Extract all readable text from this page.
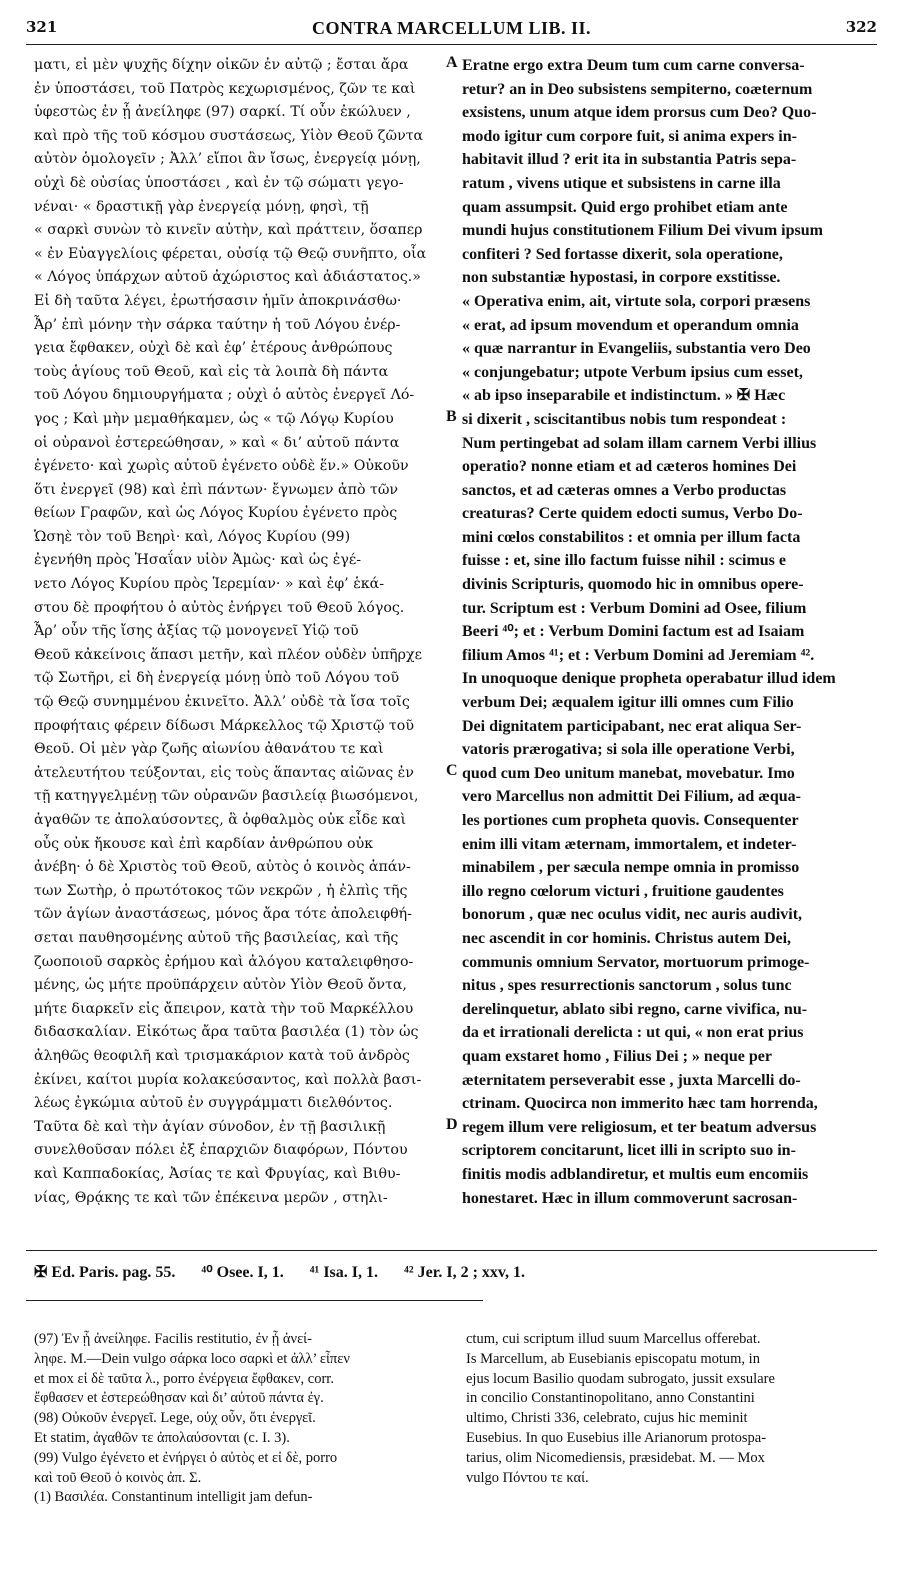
321	CONTRA MARCELLUM LIB. II.	322
ματι, εἰ μὲν ψυχῆς δίχην οἰκῶν ἐν αὐτῷ ; ἔσται ἄρα
ἐν ὑποστάσει, τοῦ Πατρὸς κεχωρισμένος, ζῶν τε καὶ
ὑφεστὼς ἐν ᾗ ἀνείληφε (97) σαρκί. Τί οὖν ἐκώλυεν ,
καὶ πρὸ τῆς τοῦ κόσμου συστάσεως, Υἱὸν Θεοῦ ζῶντα
αὐτὸν ὁμολογεῖν ; Ἀλλ’ εἴποι ἂν ἴσως, ἐνεργείᾳ μόνῃ,
οὐχὶ δὲ οὐσίας ὑποστάσει , καὶ ἐν τῷ σώματι γεγο-
νέναι· « δραστικῇ γὰρ ἐνεργείᾳ μόνῃ, φησὶ, τῇ
« σαρκὶ συνὼν τὸ κινεῖν αὐτὴν, καὶ πράττειν, ὅσαπερ
« ἐν Εὐαγγελίοις φέρεται, οὐσίᾳ τῷ Θεῷ συνῆπτο, οἷα
« Λόγος ὑπάρχων αὐτοῦ ἀχώριστος καὶ ἀδιάστατος.»
Εἰ δὴ ταῦτα λέγει, ἐρωτήσασιν ἡμῖν ἀποκρινάσθω·
Ἆρ’ ἐπὶ μόνην τὴν σάρκα ταύτην ἡ τοῦ Λόγου ἐνέρ-
γεια ἔφθακεν, οὐχὶ δὲ καὶ ἐφ’ ἑτέρους ἀνθρώπους
τοὺς ἁγίους τοῦ Θεοῦ, καὶ εἰς τὰ λοιπὰ δὴ πάντα
τοῦ Λόγου δημιουργήματα ; οὐχὶ ὁ αὐτὸς ἐνεργεῖ Λό-
γος ; Καὶ μὴν μεμαθήκαμεν, ὡς « τῷ Λόγῳ Κυρίου
οἱ οὐρανοὶ ἐστερεώθησαν, » καὶ « δι’ αὐτοῦ πάντα
ἐγένετο· καὶ χωρὶς αὐτοῦ ἐγένετο οὐδὲ ἕν.» Οὐκοῦν
ὅτι ἐνεργεῖ (98) καὶ ἐπὶ πάντων· ἔγνωμεν ἀπὸ τῶν
θείων Γραφῶν, καὶ ὡς Λόγος Κυρίου ἐγένετο πρὸς
Ὡσηὲ τὸν τοῦ Βεηρὶ· καὶ, Λόγος Κυρίου (99)
ἐγενήθη πρὸς Ἡσαΐαν υἱὸν Ἀμὼς· καὶ ὡς ἐγέ-
νετο Λόγος Κυρίου πρὸς Ἱερεμίαν· » καὶ ἐφ’ ἑκά-
στου δὲ προφήτου ὁ αὐτὸς ἐνήργει τοῦ Θεοῦ λόγος.
Ἆρ’ οὖν τῆς ἴσης ἀξίας τῷ μονογενεῖ Υἱῷ τοῦ
Θεοῦ κἀκείνοις ἅπασι μετῆν, καὶ πλέον οὐδὲν ὑπῆρχε
τῷ Σωτῆρι, εἰ δὴ ἐνεργείᾳ μόνῃ ὑπὸ τοῦ Λόγου τοῦ
τῷ Θεῷ συνημμένου ἐκινεῖτο. Ἀλλ’ οὐδὲ τὰ ἴσα τοῖς
προφήταις φέρειν δίδωσι Μάρκελλος τῷ Χριστῷ τοῦ
Θεοῦ. Οἱ μὲν γὰρ ζωῆς αἰωνίου ἀθανάτου τε καὶ
ἀτελευτήτου τεύξονται, εἰς τοὺς ἅπαντας αἰῶνας ἐν
τῇ κατηγγελμένῃ τῶν οὐρανῶν βασιλείᾳ βιωσόμενοι,
ἀγαθῶν τε ἀπολαύσοντες, ἃ ὀφθαλμὸς οὐκ εἶδε καὶ
οὖς οὐκ ἤκουσε καὶ ἐπὶ καρδίαν ἀνθρώπου οὐκ
ἀνέβη· ὁ δὲ Χριστὸς τοῦ Θεοῦ, αὐτὸς ὁ κοινὸς ἁπάν-
των Σωτὴρ, ὁ πρωτότοκος τῶν νεκρῶν , ἡ ἐλπὶς τῆς
τῶν ἁγίων ἀναστάσεως, μόνος ἄρα τότε ἀπολειφθή-
σεται παυθησομένης αὐτοῦ τῆς βασιλείας, καὶ τῆς
ζωοποιοῦ σαρκὸς ἐρήμου καὶ ἀλόγου καταλειφθησο-
μένης, ὡς μήτε προϋπάρχειν αὐτὸν Υἱὸν Θεοῦ ὄντα,
μήτε διαρκεῖν εἰς ἄπειρον, κατὰ τὴν τοῦ Μαρκέλλου
διδασκαλίαν. Εἰκότως ἄρα ταῦτα βασιλέα (1) τὸν ὡς
ἀληθῶς θεοφιλῆ καὶ τρισμακάριον κατὰ τοῦ ἀνδρὸς
ἐκίνει, καίτοι μυρία κολακεύσαντος, καὶ πολλὰ βασι-
λέως ἐγκώμια αὐτοῦ ἐν συγγράμματι διελθόντος.
Ταῦτα δὲ καὶ τὴν ἁγίαν σύνοδον, ἐν τῇ βασιλικῇ
συνελθοῦσαν πόλει ἐξ ἐπαρχιῶν διαφόρων, Πόντου
καὶ Καππαδοκίας, Ἀσίας τε καὶ Φρυγίας, καὶ Βιθυ-
νίας, Θρᾴκης τε καὶ τῶν ἐπέκεινα μερῶν , στηλι-
Eratne ergo extra Deum tum cum carne conversa-
retur? an in Deo subsistens sempiterno, coæternum
exsistens, unum atque idem prorsus cum Deo? Quo-
modo igitur cum corpore fuit, si anima expers in-
habitavit illud ? erit ita in substantia Patris sepa-
ratum , vivens utique et subsistens in carne illa
quam assumpsit. Quid ergo prohibet etiam ante
mundi hujus constitutionem Filium Dei vivum ipsum
confiteri ? Sed fortasse dixerit, sola operatione,
non substantiæ hypostasi, in corpore exstitisse.
« Operativa enim, ait, virtute sola, corpori præsens
« erat, ad ipsum movendum et operandum omnia
« quæ narrantur in Evangeliis, substantia vero Deo
« conjungebatur; utpote Verbum ipsius cum esset,
« ab ipso inseparabile et indistinctum. » ✠ Hæc
si dixerit , sciscitantibus nobis tum respondeat :
Num pertingebat ad solam illam carnem Verbi illius
operatio? nonne etiam et ad cæteros homines Dei
sanctos, et ad cæteras omnes a Verbo productas
creaturas? Certe quidem edocti sumus, Verbo Do-
mini cœlos constabilitos : et omnia per illum facta
fuisse : et, sine illo factum fuisse nihil : scimus e
divinis Scripturis, quomodo hic in omnibus opere-
tur. Scriptum est : Verbum Domini ad Osee, filium
Beeri ⁴⁰; et : Verbum Domini factum est ad Isaiam
filium Amos ⁴¹; et : Verbum Domini ad Jeremiam ⁴².
In unoquoque denique propheta operabatur illud idem
verbum Dei; æqualem igitur illi omnes cum Filio
Dei dignitatem participabant, nec erat aliqua Ser-
vatoris prærogativa; si sola ille operatione Verbi,
quod cum Deo unitum manebat, movebatur. Imo
vero Marcellus non admittit Dei Filium, ad æqua-
les portiones cum propheta quovis. Consequenter
enim illi vitam æternam, immortalem, et indeter-
minabilem , per sæcula nempe omnia in promisso
illo regno cœlorum victuri , fruitione gaudentes
bonorum , quæ nec oculus vidit, nec auris audivit,
nec ascendit in cor hominis. Christus autem Dei,
communis omnium Servator, mortuorum primoge-
nitus , spes resurrectionis sanctorum , solus tunc
derelinquetur, ablato sibi regno, carne vivifica, nu-
da et irrationali derelicta : ut qui, « non erat prius
quam exstaret homo , Filius Dei ; » neque per
æternitatem perseverabit esse , juxta Marcelli do-
ctrinam. Quocirca non immerito hæc tam horrenda,
regem illum vere religiosum, et ter beatum adversus
scriptorem concitarunt, licet illi in scripto suo in-
finitis modis adblandiretur, et multis eum encomiis
honestaret. Hæc in illum commoverunt sacrosan-
A
B
C
D
✠ Ed. Paris. pag. 55. ⁴⁰ Osee. I, 1. ⁴¹ Isa. I, 1. ⁴² Jer. I, 2 ; xxv, 1.
(97) Ἐν ᾗ ἀνείληφε. Facilis restitutio, ἐν ᾗ ἀνεί-
ληφε. M.—Dein vulgo σάρκα loco σαρκὶ et ἀλλ’ εἶπεν
et mox εἰ δὲ ταῦτα λ., porro ἐνέργεια ἔφθακεν, corr.
ἔφθασεν et ἐστερεώθησαν καὶ δι’ αὐτοῦ πάντα ἐγ.
(98) Οὐκοῦν ἐνεργεῖ. Lege, οὐχ οὖν, ὅτι ἐνεργεῖ.
Et statim, ἀγαθῶν τε ἀπολαύσονται (c. I. 3).
(99) Vulgo ἐγένετο et ἐνήργει ὁ αὐτὸς et εἰ δὲ, porro
καὶ τοῦ Θεοῦ ὁ κοινὸς ἀπ. Σ.
(1) Βασιλέα. Constantinum intelligit jam defun-
ctum, cui scriptum illud suum Marcellus offerebat.
Is Marcellum, ab Eusebianis episcopatu motum, in
ejus locum Basilio quodam subrogato, jussit exsulare
in concilio Constantinopolitano, anno Constantini
ultimo, Christi 336, celebrato, cujus hic meminit
Eusebius. In quo Eusebius ille Arianorum protospa-
tarius, olim Nicomediensis, præsidebat. M. — Mox
vulgo Πόντου τε καί.
